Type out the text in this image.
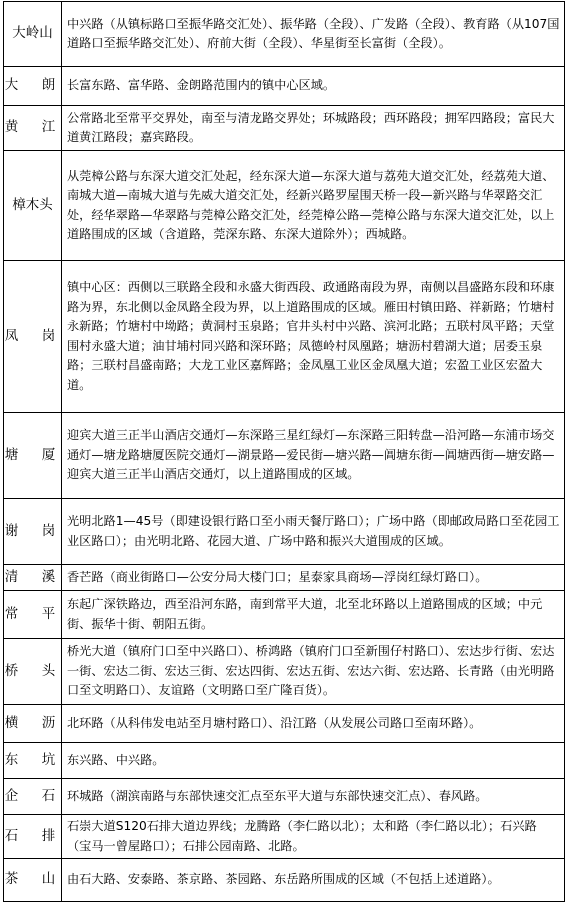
大岭山	中兴路（从镇标路口至振华路交汇处）、振华路（全段）、广发路（全段）、教育路（从107国道路口至振华路交汇处）、府前大街（全段）、华星街至长富街（全段）。
大　朗	长富东路、富华路、金朗路范围内的镇中心区域。
黄　江	公常路北至常平交界处，南至与清龙路交界处；环城路段；西环路段；拥军四路段；富民大道黄江路段；嘉宾路段。
樟木头	从莞樟公路与东深大道交汇处起，经东深大道—东深大道与荔苑大道交汇处，经荔苑大道、南城大道—南城大道与先威大道交汇处，经新兴路罗屋围天桥一段—新兴路与华翠路交汇处，经华翠路—华翠路与莞樟公路交汇处，经莞樟公路—莞樟公路与东深大道交汇处，以上道路围成的区域（含道路，莞深东路、东深大道除外）；西城路。
凤　岗	镇中心区：西侧以三联路全段和永盛大街西段、政通路南段为界，南侧以昌盛路东段和环康路为界，东北侧以金凤路全段为界，以上道路围成的区域。雁田村镇田路、祥新路；竹塘村永新路；竹塘村中坳路；黄洞村玉泉路；官井头村中兴路、滨河北路；五联村凤平路；天堂围村永盛大道；油甘埔村同兴路和深环路；凤德岭村凤凰路；塘沥村碧湖大道；居委玉泉路；三联村昌盛南路；大龙工业区嘉辉路；金凤凰工业区金凤凰大道；宏盈工业区宏盈大道。
塘　厦	迎宾大道三正半山酒店交通灯—东深路三星红绿灯—东深路三阳转盘—沿河路—东浦市场交通灯—塘龙路塘厦医院交通灯—湖景路—爱民街—塘兴路—阊塘东街—阊塘西街—塘安路—迎宾大道三正半山酒店交通灯，以上道路围成的区域。
谢　岗	光明北路1—45号（即建设银行路口至小雨天餐厅路口）；广场中路（即邮政局路口至花园工业区路口）；由光明北路、花园大道、广场中路和振兴大道围成的区域。
清　溪	香芒路（商业街路口—公安分局大楼门口；星泰家具商场—浮岗红绿灯路口）。
常　平	东起广深铁路边，西至沿河东路，南到常平大道，北至北环路以上道路围成的区域；中元街、振华十街、朝阳五街。
桥　头	桥光大道（镇府门口至中兴路口）、桥鸿路（镇府门口至新围仔村路口）、宏达步行街、宏达一街、宏达二街、宏达三街、宏达四街、宏达五街、宏达六街、宏达路、长青路（由光明路口至文明路口）、友谊路（文明路口至广隆百货）。
横　沥	北环路（从科伟发电站至月塘村路口）、沿江路（从发展公司路口至南环路）。
东　坑	东兴路、中兴路。
企　石	环城路（湖滨南路与东部快速交汇点至东平大道与东部快速交汇点）、春风路。
石　排	石崇大道S120石排大道边界线；龙腾路（李仁路以北）；太和路（李仁路以北）；石兴路（宝马一曾屋路口）；石排公园南路、北路。
茶　山	由石大路、安泰路、茶京路、茶园路、东岳路所围成的区域（不包括上述道路）。
